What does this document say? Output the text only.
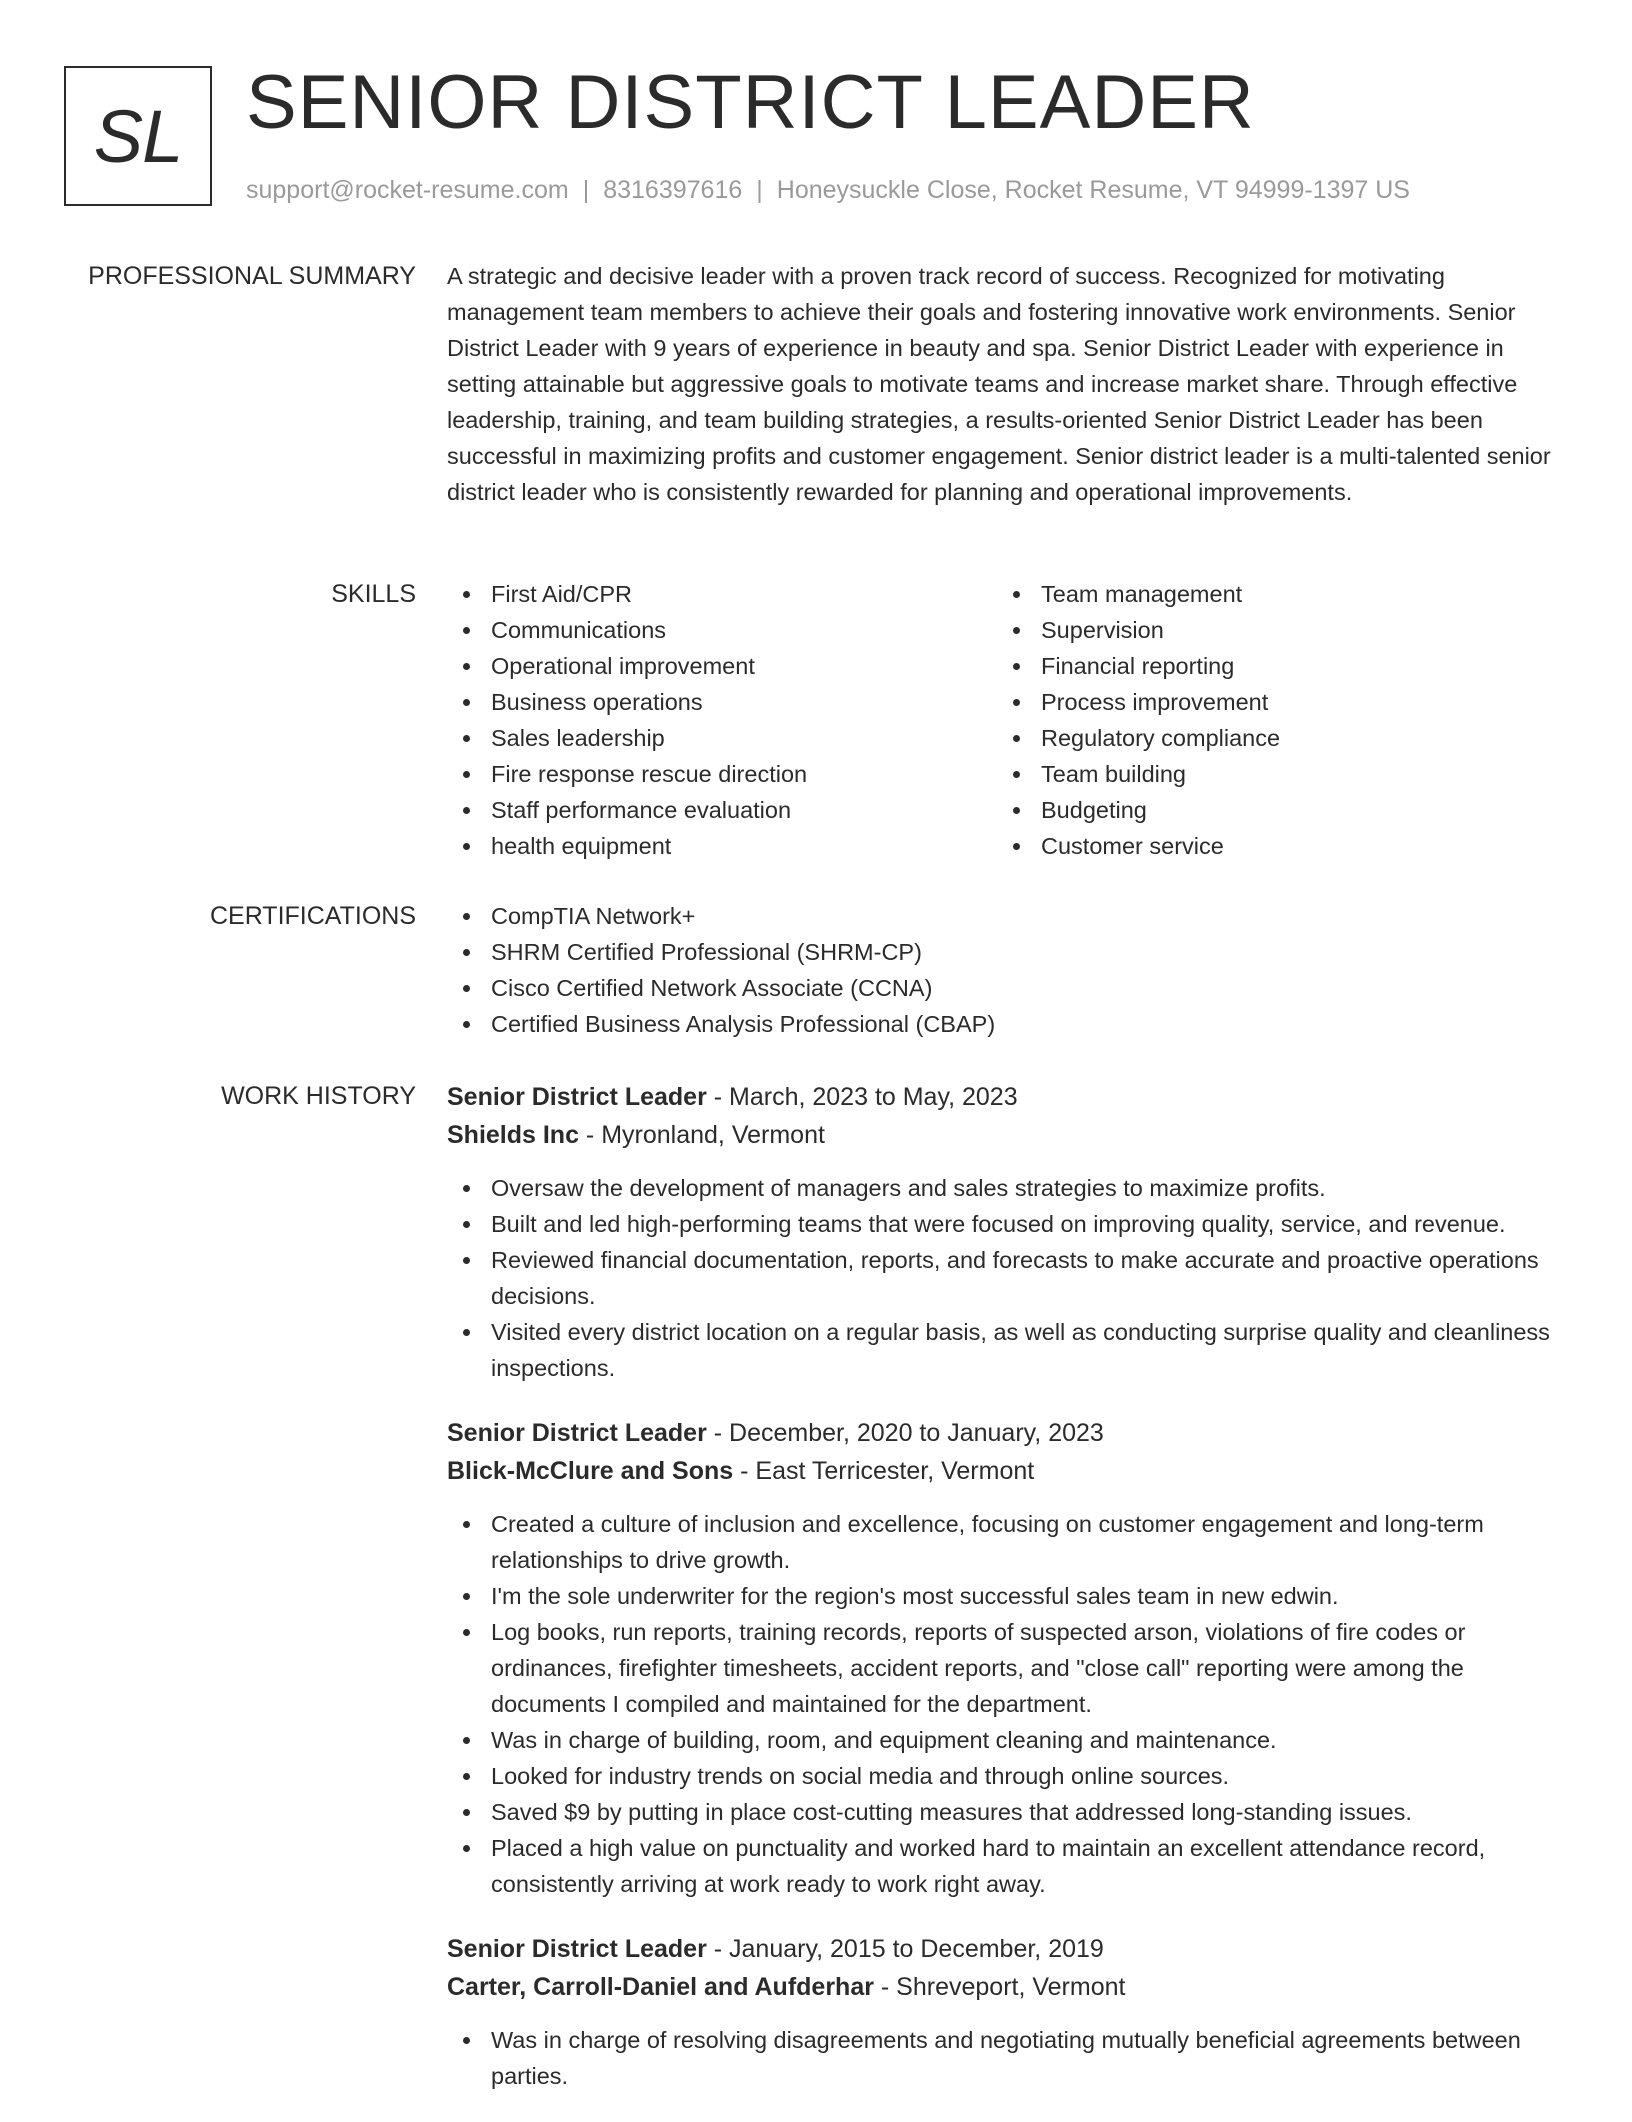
SL SENIOR DISTRICT LEADER
support@rocket-resume.com | 8316397616 | Honeysuckle Close, Rocket Resume, VT 94999-1397 US
PROFESSIONAL SUMMARY A strategic and decisive leader with a proven track record of success. Recognized for motivating management team members to achieve their goals and fostering innovative work environments. Senior District Leader with 9 years of experience in beauty and spa. Senior District Leader with experience in setting attainable but aggressive goals to motivate teams and increase market share. Through effective leadership, training, and team building strategies, a results-oriented Senior District Leader has been successful in maximizing profits and customer engagement. Senior district leader is a multi-talented senior district leader who is consistently rewarded for planning and operational improvements.

SKILLS	First Aid/CPR
Communications
Operational improvement
Business operations
Sales leadership
Fire response rescue direction
Staff performance evaluation
health equipment
Team management
Supervision
Financial reporting
Process improvement
Regulatory compliance
Team building
Budgeting
Customer service
CERTIFICATIONS	CompTIA Network+
SHRM Certified Professional (SHRM-CP)
Cisco Certified Network Associate (CCNA)
Certified Business Analysis Professional (CBAP)
WORK HISTORY Senior District Leader - March, 2023 to May, 2023
Shields Inc - Myronland, Vermont
Oversaw the development of managers and sales strategies to maximize profits.
Built and led high-performing teams that were focused on improving quality, service, and revenue.
Reviewed financial documentation, reports, and forecasts to make accurate and proactive operations decisions.
Visited every district location on a regular basis, as well as conducting surprise quality and cleanliness inspections.
Senior District Leader - December, 2020 to January, 2023
Blick-McClure and Sons - East Terricester, Vermont
Created a culture of inclusion and excellence, focusing on customer engagement and long-term relationships to drive growth.
I'm the sole underwriter for the region's most successful sales team in new edwin.
Log books, run reports, training records, reports of suspected arson, violations of fire codes or ordinances, firefighter timesheets, accident reports, and "close call" reporting were among the documents I compiled and maintained for the department.
Was in charge of building, room, and equipment cleaning and maintenance.
Looked for industry trends on social media and through online sources.
Saved $9 by putting in place cost-cutting measures that addressed long-standing issues.
Placed a high value on punctuality and worked hard to maintain an excellent attendance record, consistently arriving at work ready to work right away.
Senior District Leader - January, 2015 to December, 2019
Carter, Carroll-Daniel and Aufderhar - Shreveport, Vermont
Was in charge of resolving disagreements and negotiating mutually beneficial agreements between parties.
